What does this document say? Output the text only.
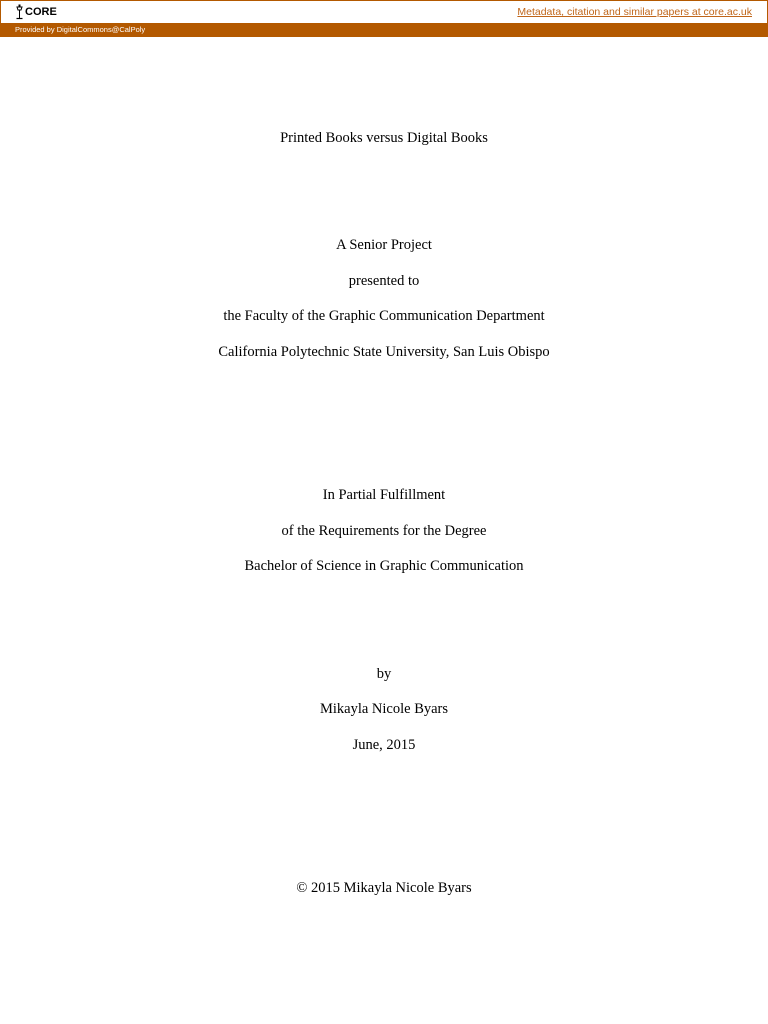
CORE	Metadata, citation and similar papers at core.ac.uk
Provided by DigitalCommons@CalPoly
Printed Books versus Digital Books
A Senior Project
presented to
the Faculty of the Graphic Communication Department
California Polytechnic State University, San Luis Obispo
In Partial Fulfillment
of the Requirements for the Degree
Bachelor of Science in Graphic Communication
by
Mikayla Nicole Byars
June, 2015
© 2015 Mikayla Nicole Byars
